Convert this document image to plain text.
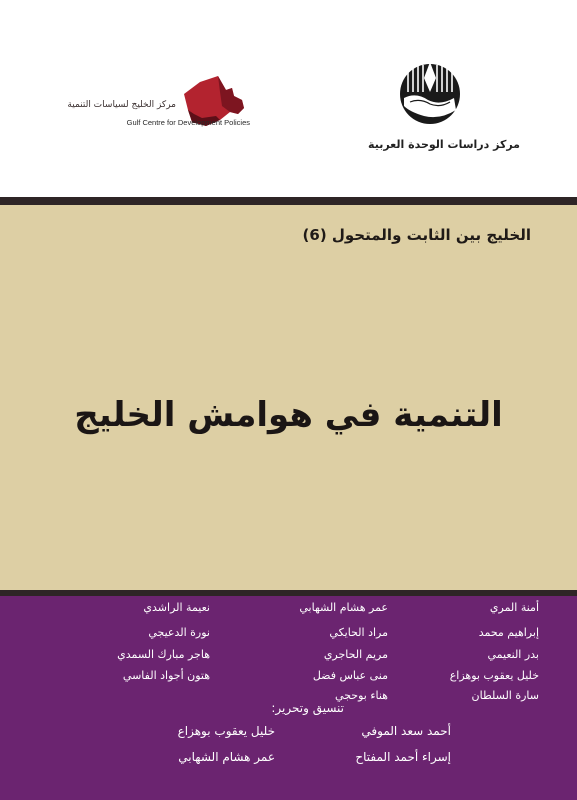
مركز الخليج لسياسات التنمية
Gulf Centre for Development Policies
مركز دراسات الوحدة العربية
الخليج بين الثابت والمتحول (6)
التنمية في هوامش الخليج
أمنة المري
إبراهيم محمد
بدر النعيمي
خليل يعقوب بوهزاع
سارة السلطان
عمر هشام الشهابي
مراد الحايكي
مريم الحاجري
منى عباس فضل
هناء بوحجي
نعيمة الراشدي
نورة الدعيجي
هاجر مبارك السمدي
هتون أجواد الفاسي
تنسيق وتحرير:
أحمد سعد الموفي
خليل يعقوب بوهزاع
إسراء أحمد المفتاح
عمر هشام الشهابي
